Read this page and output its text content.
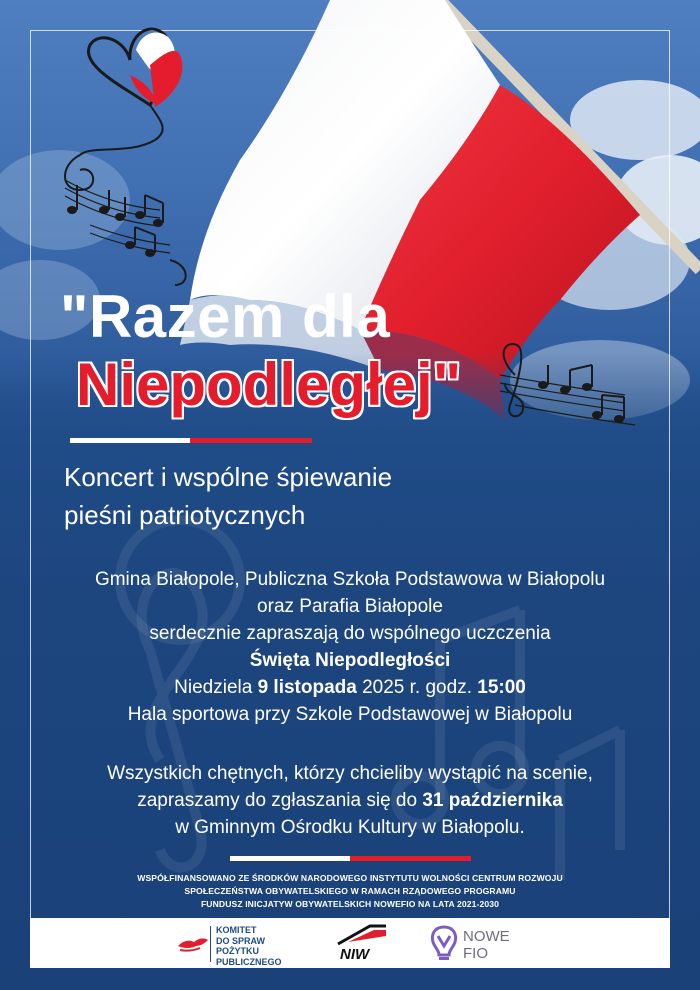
"Razem dla
Niepodległej"
Koncert i wspólne śpiewanie
pieśni patriotycznych
Gmina Białopole, Publiczna Szkoła Podstawowa w Białopolu
oraz Parafia Białopole
serdecznie zapraszają do wspólnego uczczenia
Święta Niepodległości
Niedziela 9 listopada 2025 r. godz. 15:00
Hala sportowa przy Szkole Podstawowej w Białopolu
Wszystkich chętnych, którzy chcieliby wystąpić na scenie,
zapraszamy do zgłaszania się do 31 października
w Gminnym Ośrodku Kultury w Białopolu.
WSPÓŁFINANSOWANO ZE ŚRODKÓW NARODOWEGO INSTYTUTU WOLNOŚCI CENTRUM ROZWOJU
SPOŁECZEŃSTWA OBYWATELSKIEGO W RAMACH RZĄDOWEGO PROGRAMU
FUNDUSZ INICJATYW OBYWATELSKICH NOWEFIO NA LATA 2021-2030
KOMITET
DO SPRAW
POŻYTKU
PUBLICZNEGO	NIW
NOWE
FIO
